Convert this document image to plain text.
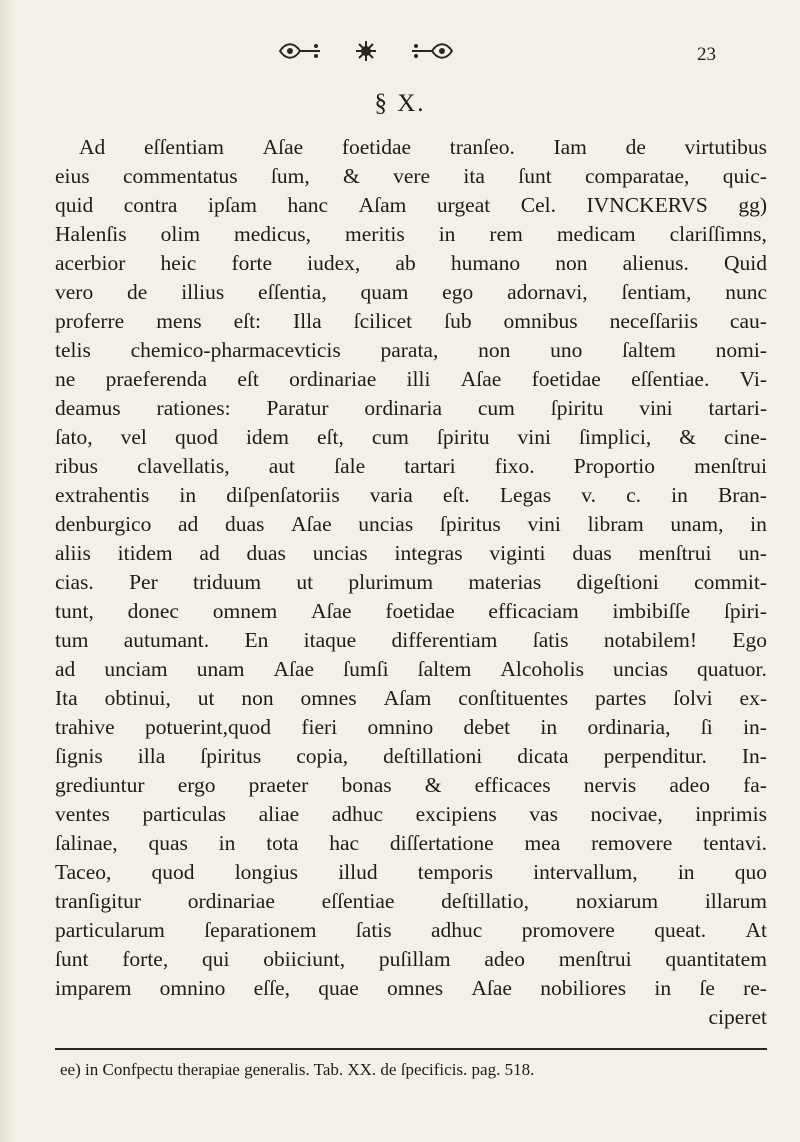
23
§ X.
Ad eſſentiam Aſae foetidae tranſeo. Iam de virtutibus
eius commentatus ſum, & vere ita ſunt comparatae, quic-
quid contra ipſam hanc Aſam urgeat Cel. IVNCKERVS gg)
Halenſis olim medicus, meritis in rem medicam clariſſimns,
acerbior heic forte iudex, ab humano non alienus. Quid
vero de illius eſſentia, quam ego adornavi, ſentiam, nunc
proferre mens eſt: Illa ſcilicet ſub omnibus neceſſariis cau-
telis chemico-pharmacevticis parata, non uno ſaltem nomi-
ne praeferenda eſt ordinariae illi Aſae foetidae eſſentiae. Vi-
deamus rationes: Paratur ordinaria cum ſpiritu vini tartari-
ſato, vel quod idem eſt, cum ſpiritu vini ſimplici, & cine-
ribus clavellatis, aut ſale tartari fixo. Proportio menſtrui
extrahentis in diſpenſatoriis varia eſt. Legas v. c. in Bran-
denburgico ad duas Aſae uncias ſpiritus vini libram unam, in
aliis itidem ad duas uncias integras viginti duas menſtrui un-
cias. Per triduum ut plurimum materias digeſtioni commit-
tunt, donec omnem Aſae foetidae efficaciam imbibiſſe ſpiri-
tum autumant. En itaque differentiam ſatis notabilem! Ego
ad unciam unam Aſae ſumſi ſaltem Alcoholis uncias quatuor.
Ita obtinui, ut non omnes Aſam conſtituentes partes ſolvi ex-
trahive potuerint,quod fieri omnino debet in ordinaria, ſi in-
ſignis illa ſpiritus copia, deſtillationi dicata perpenditur. In-
grediuntur ergo praeter bonas & efficaces nervis adeo fa-
ventes particulas aliae adhuc excipiens vas nocivae, inprimis
ſalinae, quas in tota hac diſſertatione mea removere tentavi.
Taceo, quod longius illud temporis intervallum, in quo
tranſigitur ordinariae eſſentiae deſtillatio, noxiarum illarum
particularum ſeparationem ſatis adhuc promovere queat. At
ſunt forte, qui obiiciunt, puſillam adeo menſtrui quantitatem
imparem omnino eſſe, quae omnes Aſae nobiliores in ſe re-
ciperet
ee) in Confpectu therapiae generalis. Tab. XX. de ſpecificis. pag. 518.
